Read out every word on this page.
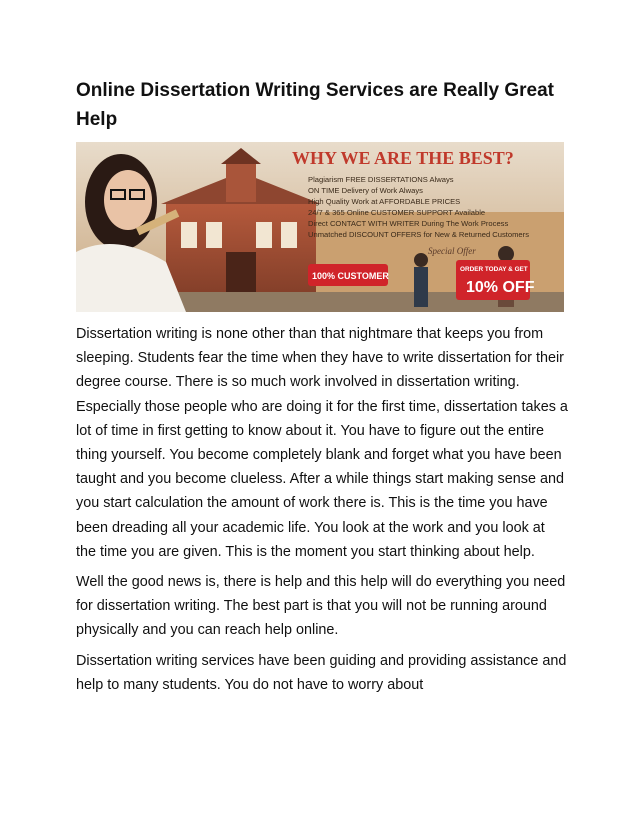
Online Dissertation Writing Services are Really Great Help
WHY WE ARE THE BEST?
Plagiarism FREE DISSERTATIONS Always
ON TIME Delivery of Work Always
High Quality Work at AFFORDABLE PRICES
24/7 & 365 Online CUSTOMER SUPPORT Available
Direct CONTACT WITH WRITER During The Work Process
Unmatched DISCOUNT OFFERS for New & Returned Customers
Special Offer
100% CUSTOMER
ORDER TODAY & GET
10% OFF

Dissertation writing is none other than that nightmare that keeps you from sleeping. Students fear the time when they have to write dissertation for their degree course. There is so much work involved in dissertation writing. Especially those people who are doing it for the first time, dissertation takes a lot of time in first getting to know about it. You have to figure out the entire thing yourself. You become completely blank and forget what you have been taught and you become clueless. After a while things start making sense and you start calculation the amount of work there is. This is the time you have been dreading all your academic life. You look at the work and you look at the time you are given. This is the moment you start thinking about help.

Well the good news is, there is help and this help will do everything you need for dissertation writing. The best part is that you will not be running around physically and you can reach help online.

Dissertation writing services have been guiding and providing assistance and help to many students. You do not have to worry about
